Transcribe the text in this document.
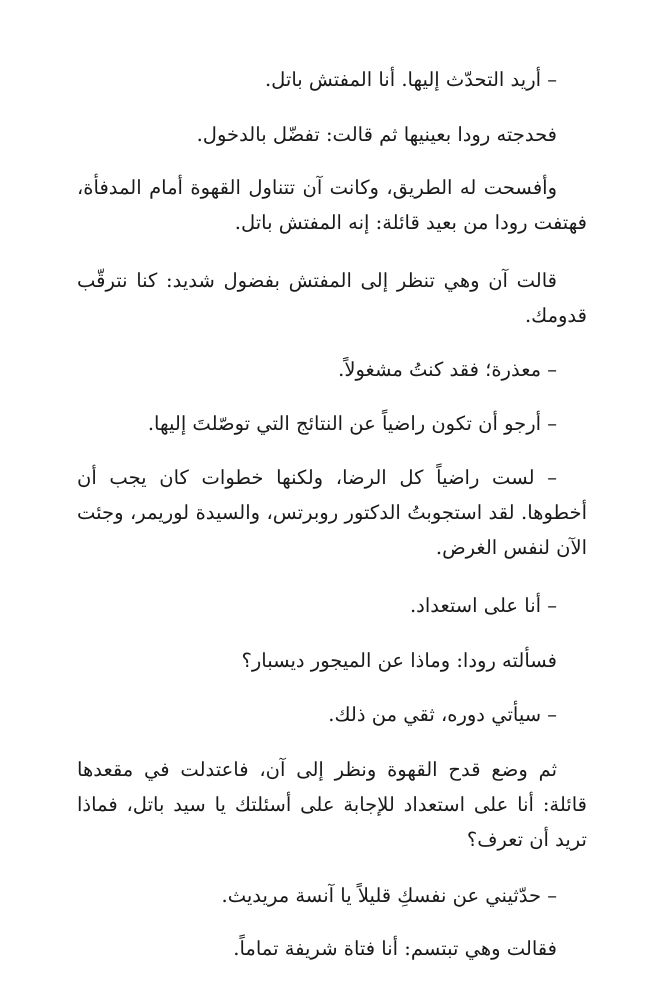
– أريد التحدّث إليها. أنا المفتش باتل.

فحدجته رودا بعينيها ثم قالت: تفضّل بالدخول.

وأفسحت له الطريق، وكانت آن تتناول القهوة أمام المدفأة، فهتفت رودا من بعيد قائلة: إنه المفتش باتل.

قالت آن وهي تنظر إلى المفتش بفضول شديد: كنا نترقّب قدومك.

– معذرة؛ فقد كنتُ مشغولاً.

– أرجو أن تكون راضياً عن النتائج التي توصّلتَ إليها.

– لست راضياً كل الرضا، ولكنها خطوات كان يجب أن أخطوها. لقد استجوبتُ الدكتور روبرتس، والسيدة لوريمر، وجئت الآن لنفس الغرض.

– أنا على استعداد.

فسألته رودا: وماذا عن الميجور ديسبار؟

– سيأتي دوره، ثقي من ذلك.

ثم وضع قدح القهوة ونظر إلى آن، فاعتدلت في مقعدها قائلة: أنا على استعداد للإجابة على أسئلتك يا سيد باتل، فماذا تريد أن تعرف؟

– حدّثيني عن نفسكِ قليلاً يا آنسة مريديث.

فقالت وهي تبتسم: أنا فتاة شريفة تماماً.
